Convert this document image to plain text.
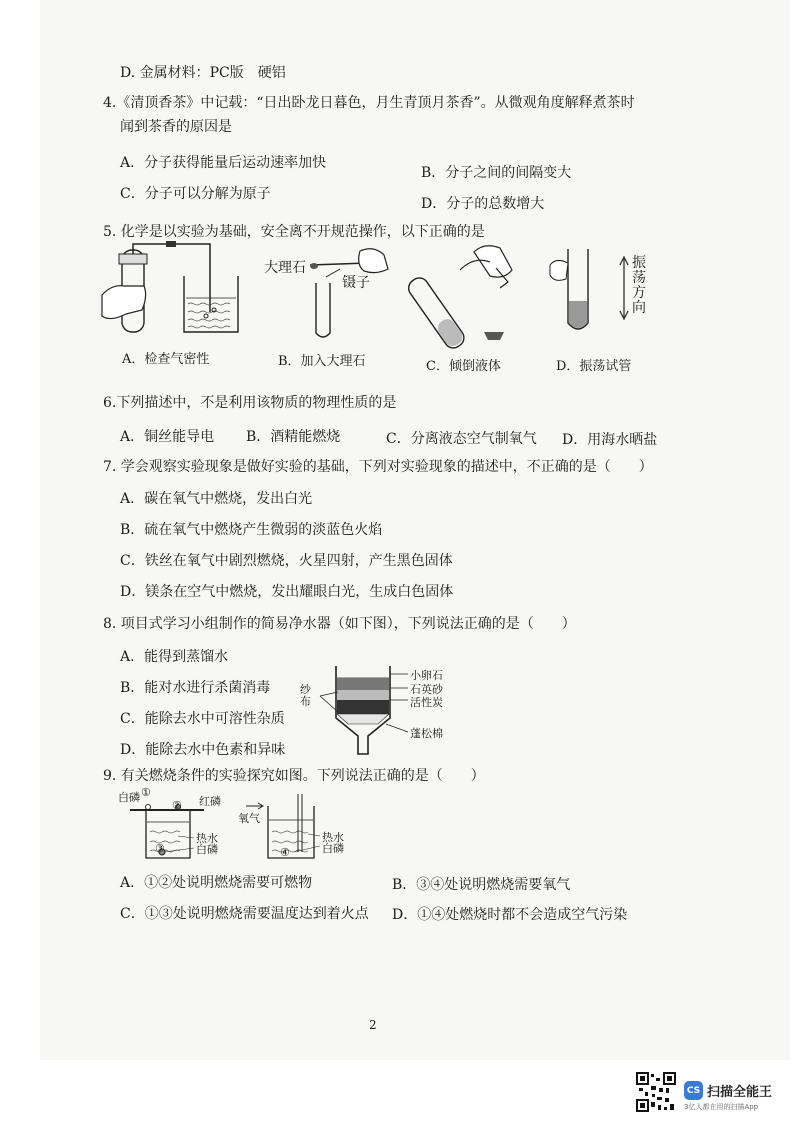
D. 金属材料：PC版　硬铝
4.《清顶香茶》中记载：“日出卧龙日暮色，月生青顶月茶香”。从微观角度解释煮茶时
闻到茶香的原因是
A．分子获得能量后运动速率加快
B．分子之间的间隔变大
C．分子可以分解为原子
D．分子的总数增大
5. 化学是以实验为基础，安全离不开规范操作，以下正确的是
A．检查气密性
大理石
镊子
B．加入大理石	C．倾倒液体
振荡方向
D．振荡试管
6.下列描述中，不是利用该物质的物理性质的是
A．铜丝能导电 B．酒精能燃烧	C．分离液态空气制氧气 D．用海水晒盐
7. 学会观察实验现象是做好实验的基础，下列对实验现象的描述中，不正确的是（　　）
A．碳在氧气中燃烧，发出白光
B．硫在氧气中燃烧产生微弱的淡蓝色火焰
C．铁丝在氧气中剧烈燃烧，火星四射，产生黑色固体
D．镁条在空气中燃烧，发出耀眼白光，生成白色固体
8. 项目式学习小组制作的简易净水器（如下图），下列说法正确的是（　　）
A．能得到蒸馏水
B．能对水进行杀菌消毒
C．能除去水中可溶性杂质
D．能除去水中色素和异味
纱布
小卵石
石英砂
活性炭
蓬松棉
9. 有关燃烧条件的实验探究如图。下列说法正确的是（　　）
白磷 ①
② 红磷
③
热水
白磷
氧气
④
热水
白磷
A．①②处说明燃烧需要可燃物	B．③④处说明燃烧需要氧气
C．①③处说明燃烧需要温度达到着火点 D．①④处燃烧时都不会造成空气污染
2
CS 扫描全能王
3亿人都在用的扫描App
